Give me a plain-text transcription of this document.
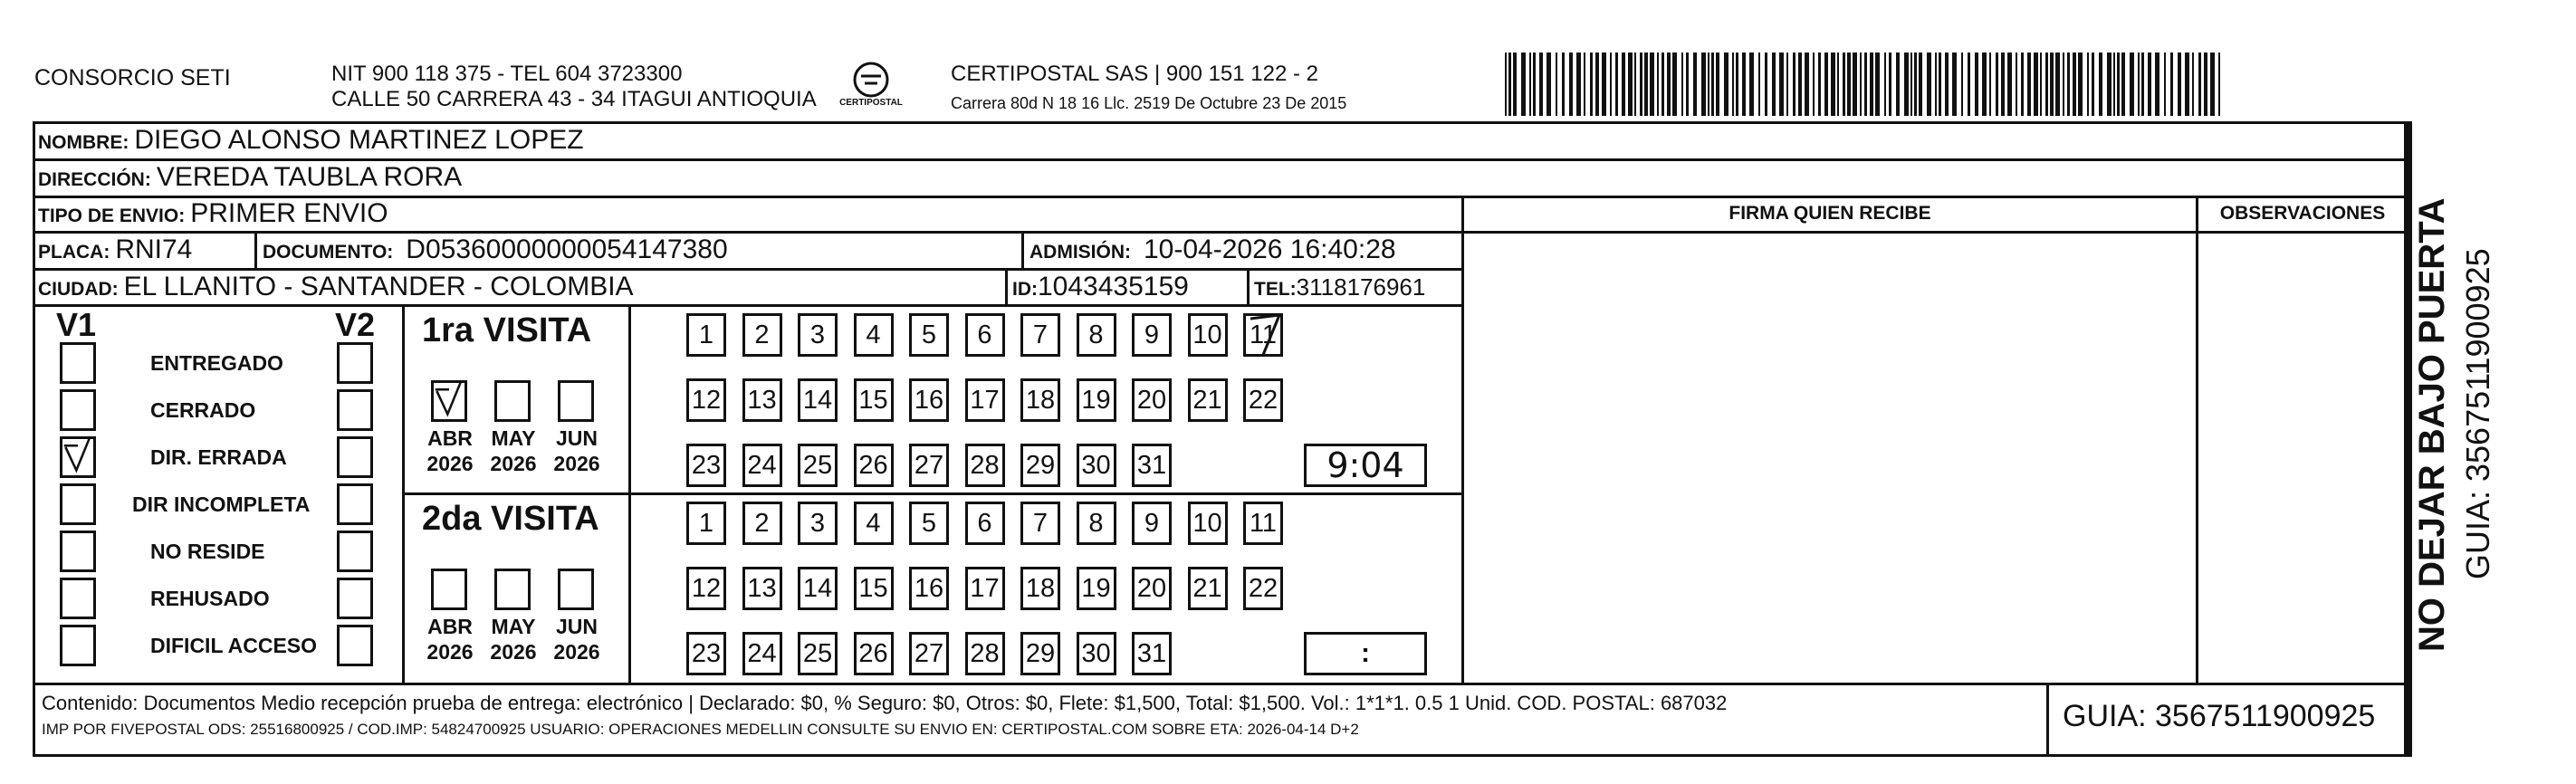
CONSORCIO SETI	NIT 900 118 375 - TEL 604 3723300
CALLE 50 CARRERA 43 - 34 ITAGUI ANTIOQUIA	CERTIPOSTAL
CERTIPOSTAL SAS | 900 151 122 - 2
Carrera 80d N 18 16 Llc. 2519 De Octubre 23 De 2015
FIRMA QUIEN RECIBE	OBSERVACIONES
NOMBRE: DIEGO ALONSO MARTINEZ LOPEZ
DIRECCIÓN: VEREDA TAUBLA RORA
TIPO DE ENVIO: PRIMER ENVIO
PLACA: RNI74	DOCUMENTO: D05360000000054147380	ADMISIÓN: 10-04-2026 16:40:28
CIUDAD: EL LLANITO - SANTANDER - COLOMBIA	ID:1043435159	TEL:3118176961
V1	V2
ENTREGADO
CERRADO
DIR. ERRADA
DIR INCOMPLETA
NO RESIDE
REHUSADO
DIFICIL ACCESO
1ra VISITA
ABR
2026
MAY
2026
JUN
2026
1 2 3 4 5 6 7 8 9 10 11
12 13 14 15 16 17 18 19 20 21 22
23 24 25 26 27 28 29 30 31	9:04
2da VISITA
ABR
2026
MAY
2026
JUN
2026
1 2 3 4 5 6 7 8 9 10 11
12 13 14 15 16 17 18 19 20 21 22
23 24 25 26 27 28 29 30 31	:
Contenido: Documentos Medio recepción prueba de entrega: electrónico | Declarado: $0, % Seguro: $0, Otros: $0, Flete: $1,500, Total: $1,500. Vol.: 1*1*1. 0.5 1 Unid. COD. POSTAL: 687032
IMP POR FIVEPOSTAL ODS: 25516800925 / COD.IMP: 54824700925 USUARIO: OPERACIONES MEDELLIN CONSULTE SU ENVIO EN: CERTIPOSTAL.COM SOBRE ETA: 2026-04-14 D+2	GUIA: 3567511900925
NO DEJAR BAJO PUERTA GUIA: 3567511900925
